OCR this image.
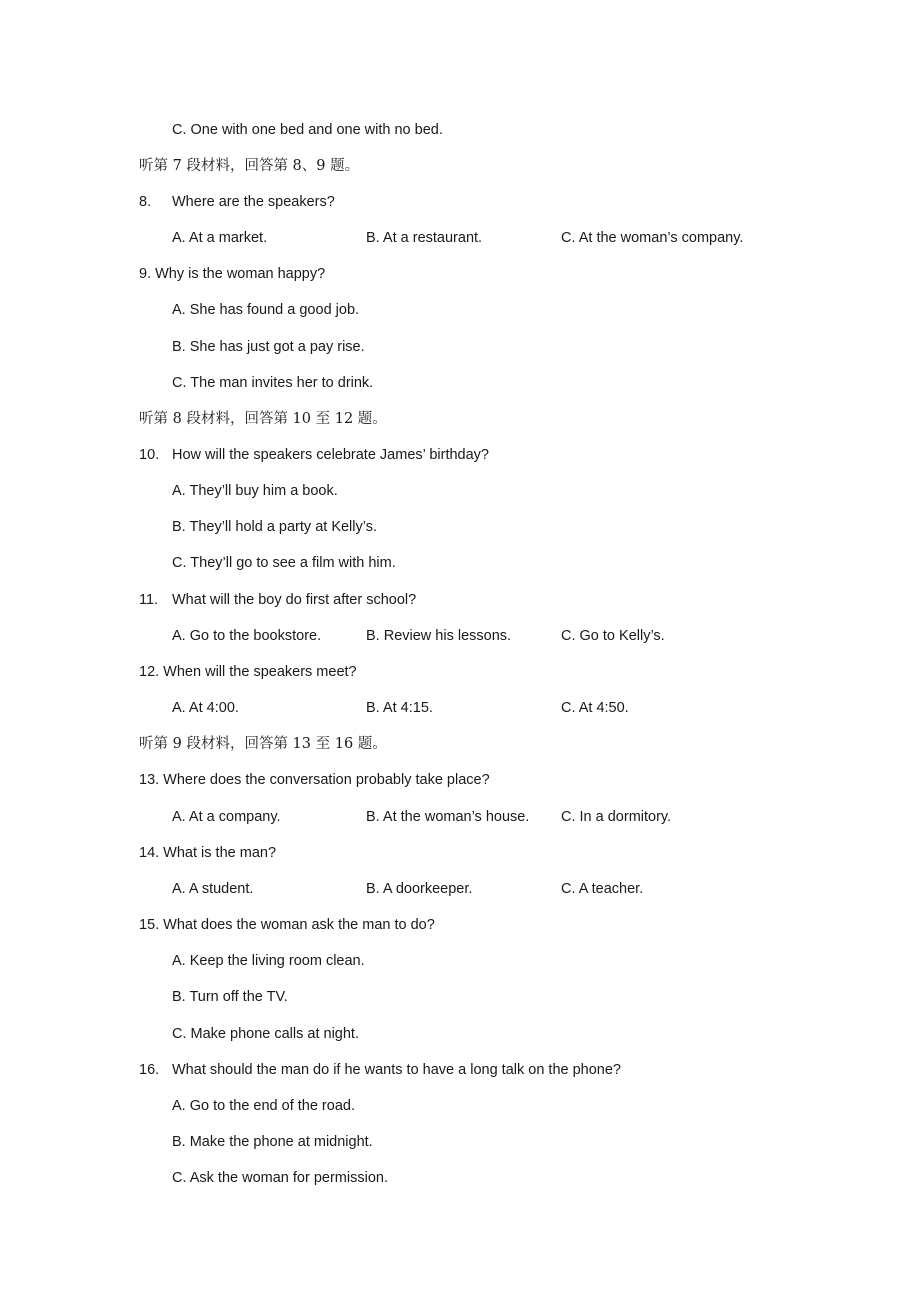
C. One with one bed and one with no bed.
听第 7 段材料，回答第 8、9 题。
8. Where are the speakers?
A. At a market.	B. At a restaurant.	C. At the woman’s company.
9. Why is the woman happy?
A. She has found a good job.
B. She has just got a pay rise.
C. The man invites her to drink.
听第 8 段材料，回答第 10 至 12 题。
10. How will the speakers celebrate James’ birthday?
A. They’ll buy him a book.
B. They’ll hold a party at Kelly’s.
C. They’ll go to see a film with him.
11. What will the boy do first after school?
A. Go to the bookstore.	B. Review his lessons.	C. Go to Kelly’s.
12. When will the speakers meet?
A. At 4:00.	B. At 4:15.	C. At 4:50.
听第 9 段材料，回答第 13 至 16 题。
13. Where does the conversation probably take place?
A. At a company.	B. At the woman’s house. C. In a dormitory.
14. What is the man?
A. A student.	B. A doorkeeper.	C. A teacher.
15. What does the woman ask the man to do?
A. Keep the living room clean.
B. Turn off the TV.
C. Make phone calls at night.
16. What should the man do if he wants to have a long talk on the phone?
A. Go to the end of the road.
B. Make the phone at midnight.
C. Ask the woman for permission.
